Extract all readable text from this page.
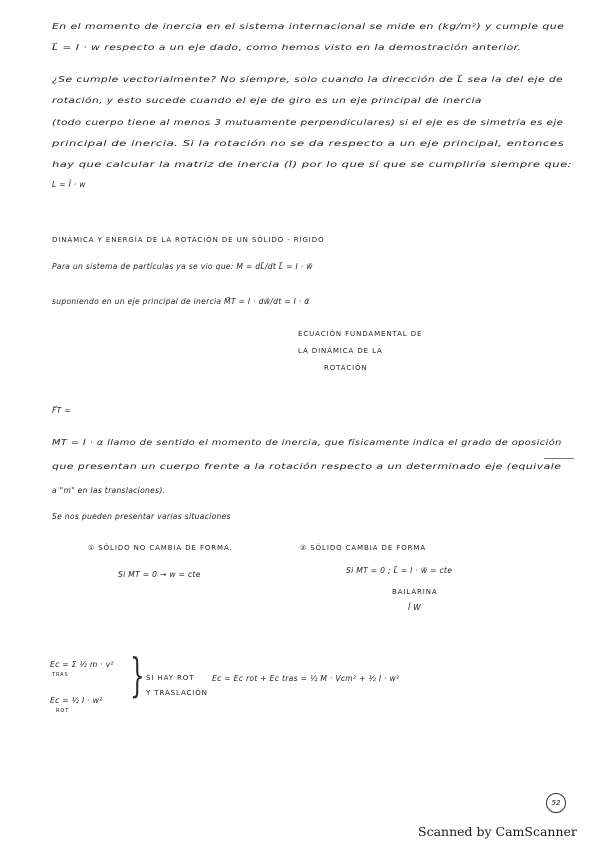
En el momento de inercia en el sistema internacional se mide en (kg/m²) y cumple que
L⃗ = I · w respecto a un eje dado, como hemos visto en la demostración anterior.
¿Se cumple vectorialmente? No siempre, solo cuando la dirección de L⃗ sea la del eje de
rotación, y esto sucede cuando el eje de giro es un eje principal de inercia
(todo cuerpo tiene al menos 3 mutuamente perpendiculares) si el eje es de simetría es eje
principal de inercia. Si la rotación no se da respecto a un eje principal, entonces
hay que calcular la matriz de inercia (Î) por lo que sí que se cumpliría siempre que:
L = Î · w
DINÁMICA Y ENERGÍA DE LA ROTACIÓN DE UN SÓLIDO - RÍGIDO
Para un sistema de partículas ya se vio que: M = dL⃗/dt L⃗ = I · w⃗
suponiendo en un eje principal de inercia M⃗T = I · dw⃗/dt = I · α⃗
ECUACIÓN FUNDAMENTAL DE
LA DINÁMICA DE LA
ROTACIÓN
F⃗T =
MT = I · α llamo de sentido el momento de inercia, que físicamente indica el grado de oposición
que presentan un cuerpo frente a la rotación respecto a un determinado eje (equivale
a "m" en las translaciones).
Se nos pueden presentar varias situaciones
① SÓLIDO NO CAMBIA DE FORMA.
Si MT = 0 → w = cte
② SÓLIDO CAMBIA DE FORMA
Si MT = 0 ; L⃗ = I · w⃗ = cte
BAILARINA
Î W
Ec = Σ ½ m · v²
TRAS
Ec = ½ I · w²
ROT
} SI HAY ROT
Y TRASLACIÓN
Ec = Ec rot + Ec tras = ½ M · Vcm² + ½ I · w²
52
Scanned by CamScanner
